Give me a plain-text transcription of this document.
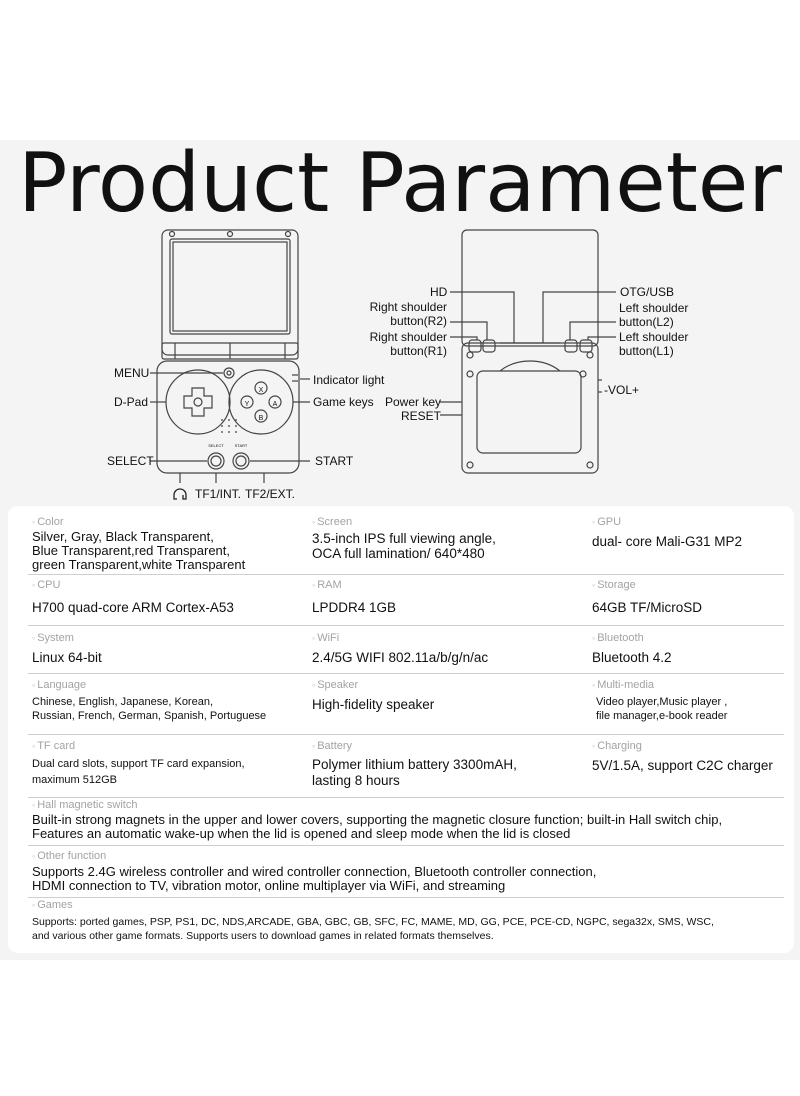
Product Parameter
X
Y	A
B
SELECT	START
MENU
D-Pad
SELECT
Indicator light
Game keys
START
TF1/INT. TF2/EXT.
HD	OTG/USB
Right shoulder button(R2)
Right shoulder button(R1)
Left shoulder button(L2)
Left shoulder button(L1)
-VOL+
Power key
RESET
◦ Color
Silver, Gray, Black Transparent,
Blue Transparent,red Transparent,
green Transparent,white Transparent
◦ Screen
3.5-inch IPS full viewing angle,
OCA full lamination/ 640*480
◦ GPU
dual- core Mali-G31 MP2
◦ CPU
H700 quad-core ARM Cortex-A53
◦ RAM
LPDDR4 1GB
◦ Storage
64GB TF/MicroSD
◦ System
Linux 64-bit
◦ WiFi
2.4/5G WIFI 802.11a/b/g/n/ac
◦ Bluetooth
Bluetooth 4.2
◦ Language
Chinese, English, Japanese, Korean,
Russian, French, German, Spanish, Portuguese
◦ Speaker
High-fidelity speaker
◦ Multi-media
Video player,Music player ,
file manager,e-book reader
◦ TF card
Dual card slots, support TF card expansion,
maximum 512GB
◦ Battery
Polymer lithium battery 3300mAH,
lasting 8 hours
◦ Charging
5V/1.5A, support C2C charger
◦ Hall magnetic switch
Built-in strong magnets in the upper and lower covers, supporting the magnetic closure function; built-in Hall switch chip,
Features an automatic wake-up when the lid is opened and sleep mode when the lid is closed
◦ Other function
Supports 2.4G wireless controller and wired controller connection, Bluetooth controller connection,
HDMI connection to TV, vibration motor, online multiplayer via WiFi, and streaming
◦ Games
Supports: ported games, PSP, PS1, DC, NDS,ARCADE, GBA, GBC, GB, SFC, FC, MAME, MD, GG, PCE, PCE-CD, NGPC, sega32x, SMS, WSC,
and various other game formats. Supports users to download games in related formats themselves.
